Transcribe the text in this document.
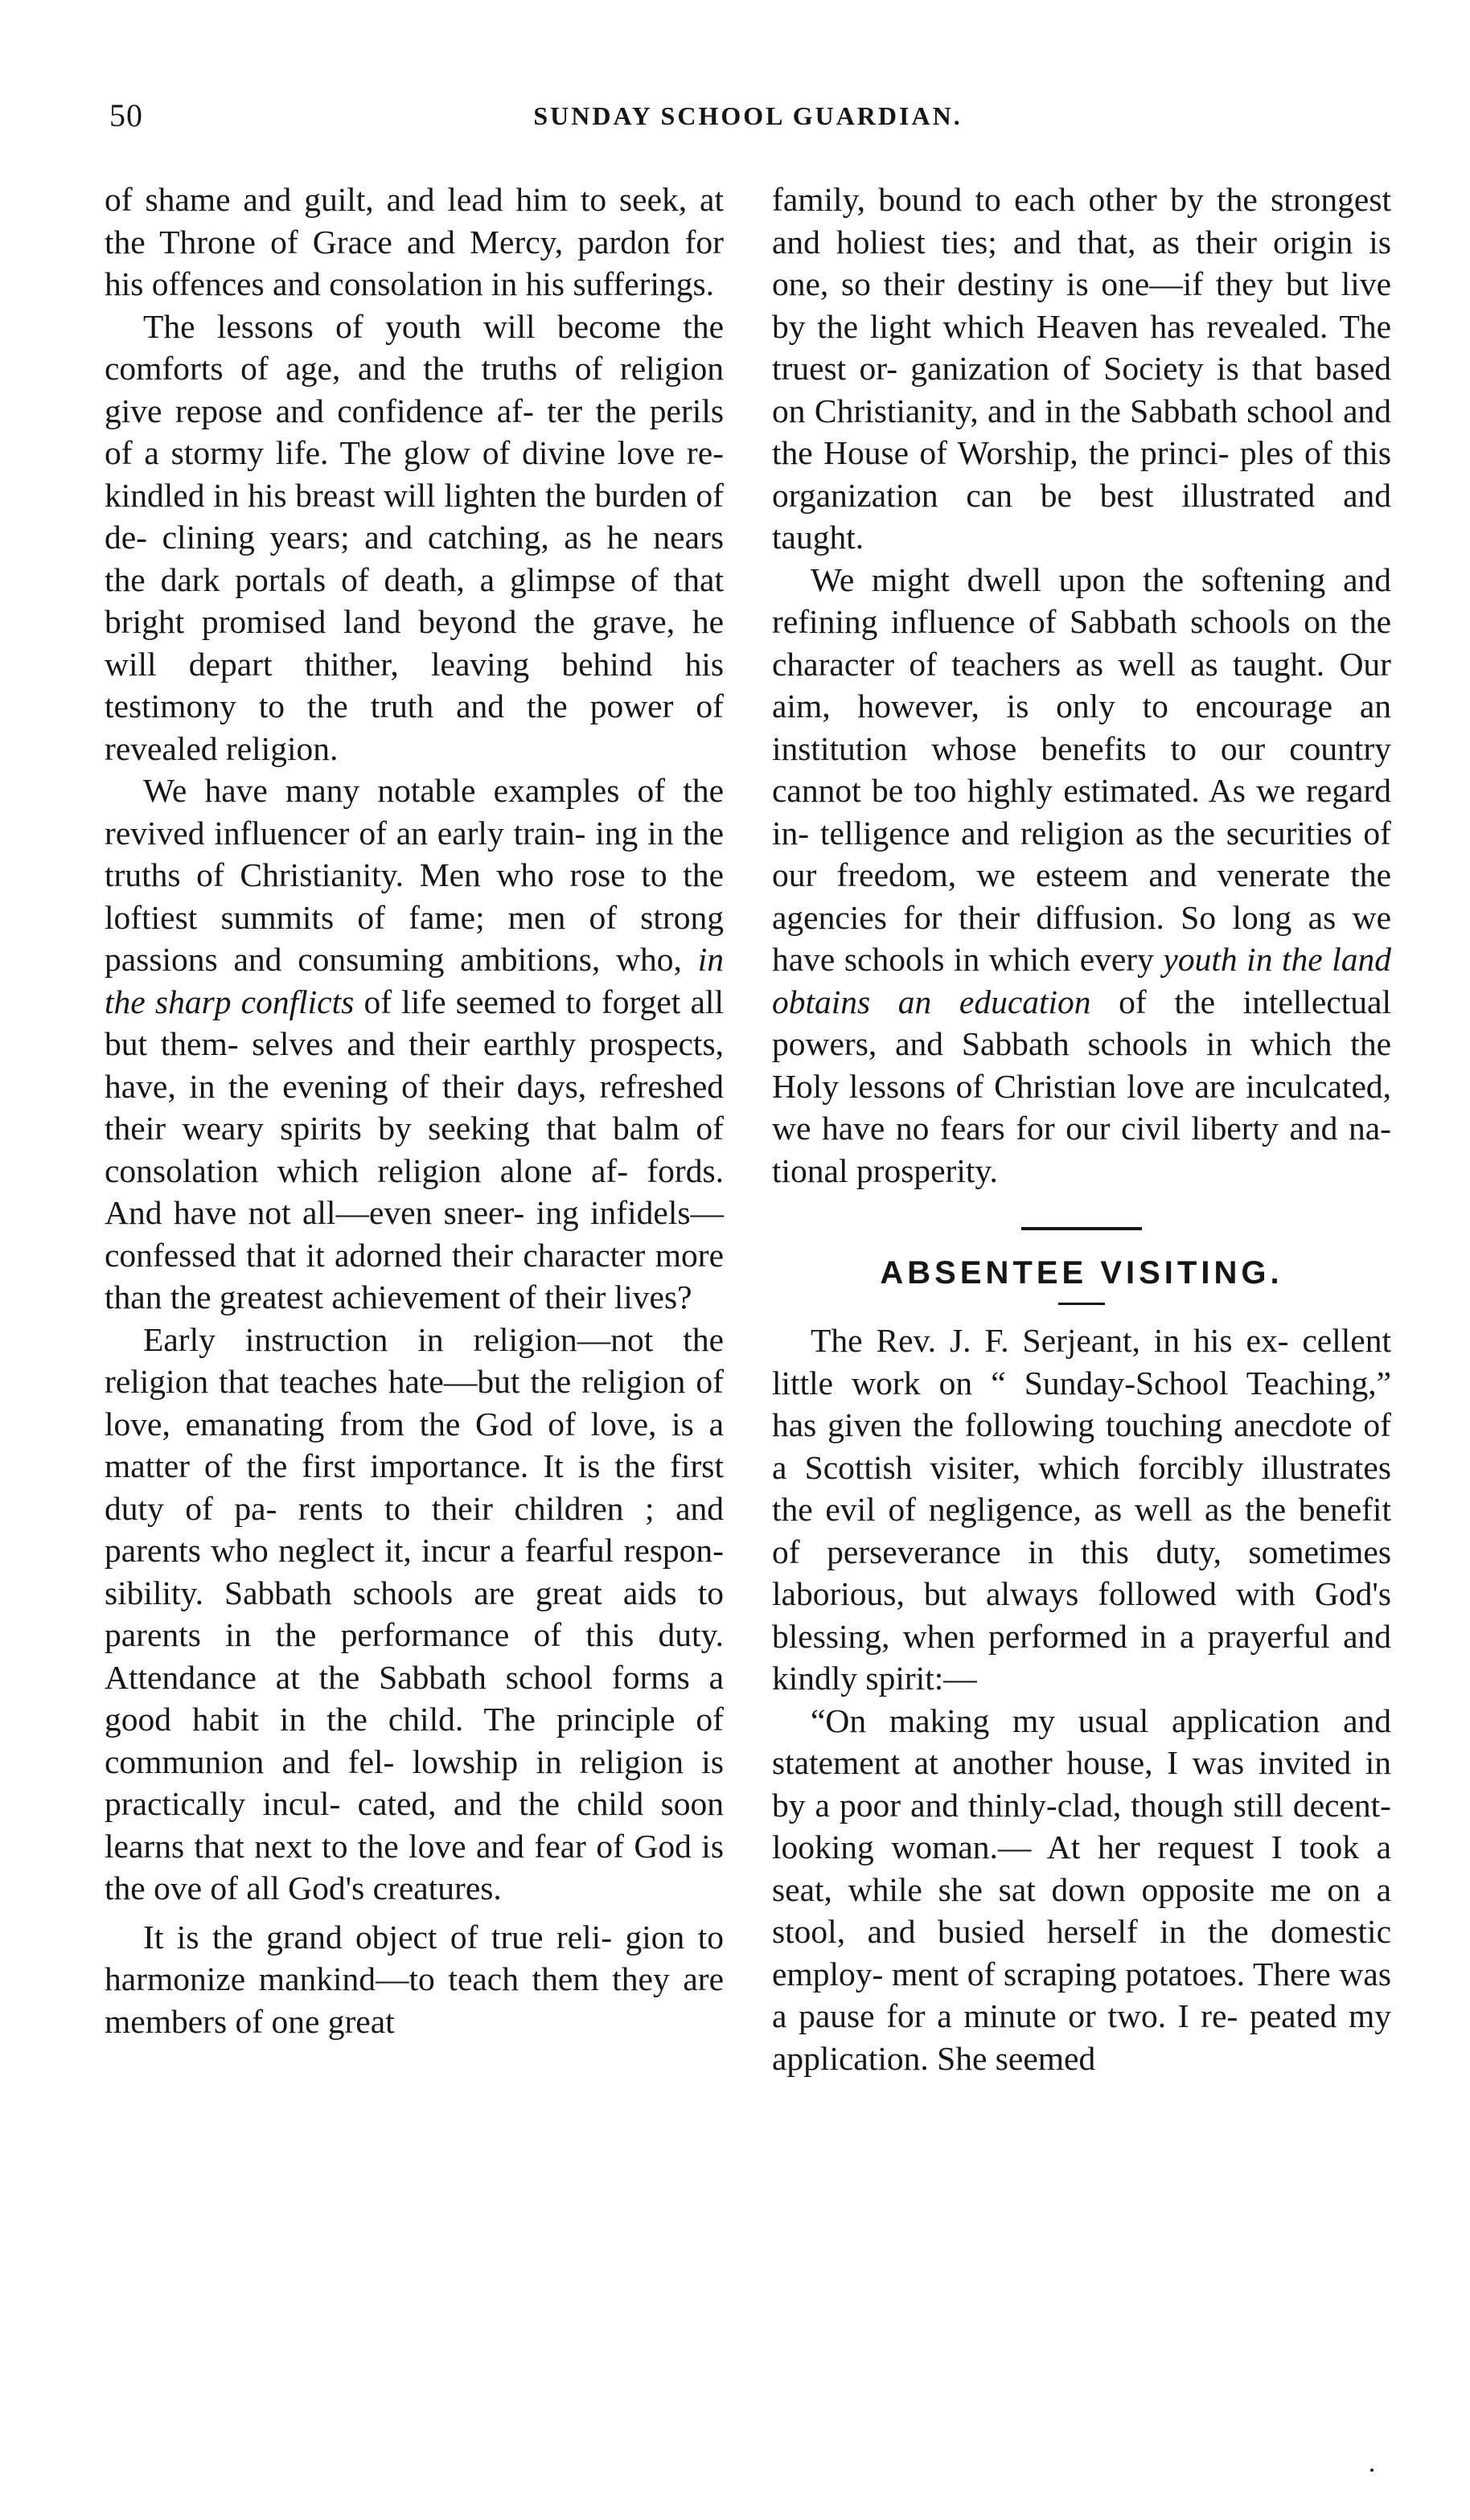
50	SUNDAY SCHOOL GUARDIAN.

of shame and guilt, and lead him to seek, at the Throne of Grace and Mercy, pardon for his offences and consolation in his sufferings.

The lessons of youth will become the comforts of age, and the truths of religion give repose and confidence af- ter the perils of a stormy life. The glow of divine love re-kindled in his breast will lighten the burden of de- clining years; and catching, as he nears the dark portals of death, a glimpse of that bright promised land beyond the grave, he will depart thither, leaving behind his testimony to the truth and the power of revealed religion.

We have many notable examples of the revived influencer of an early train- ing in the truths of Christianity. Men who rose to the loftiest summits of fame; men of strong passions and consuming ambitions, who, in the sharp conflicts of life seemed to forget all but them- selves and their earthly prospects, have, in the evening of their days, refreshed their weary spirits by seeking that balm of consolation which religion alone af- fords. And have not all—even sneer- ing infidels—confessed that it adorned their character more than the greatest achievement of their lives?

Early instruction in religion—not the religion that teaches hate—but the religion of love, emanating from the God of love, is a matter of the first importance. It is the first duty of pa- rents to their children ; and parents who neglect it, incur a fearful respon- sibility. Sabbath schools are great aids to parents in the performance of this duty. Attendance at the Sabbath school forms a good habit in the child. The principle of communion and fel- lowship in religion is practically incul- cated, and the child soon learns that next to the love and fear of God is the ove of all God's creatures.

It is the grand object of true reli- gion to harmonize mankind—to teach them they are members of one great

family, bound to each other by the strongest and holiest ties; and that, as their origin is one, so their destiny is one—if they but live by the light which Heaven has revealed. The truest or- ganization of Society is that based on Christianity, and in the Sabbath school and the House of Worship, the princi- ples of this organization can be best illustrated and taught.

We might dwell upon the softening and refining influence of Sabbath schools on the character of teachers as well as taught. Our aim, however, is only to encourage an institution whose benefits to our country cannot be too highly estimated. As we regard in- telligence and religion as the securities of our freedom, we esteem and venerate the agencies for their diffusion. So long as we have schools in which every youth in the land obtains an education of the intellectual powers, and Sabbath schools in which the Holy lessons of Christian love are inculcated, we have no fears for our civil liberty and na- tional prosperity.

ABSENTEE VISITING.

The Rev. J. F. Serjeant, in his ex- cellent little work on “ Sunday-School Teaching,” has given the following touching anecdote of a Scottish visiter, which forcibly illustrates the evil of negligence, as well as the benefit of perseverance in this duty, sometimes laborious, but always followed with God's blessing, when performed in a prayerful and kindly spirit:—

“On making my usual application and statement at another house, I was invited in by a poor and thinly-clad, though still decent-looking woman.— At her request I took a seat, while she sat down opposite me on a stool, and busied herself in the domestic employ- ment of scraping potatoes. There was a pause for a minute or two. I re- peated my application. She seemed
